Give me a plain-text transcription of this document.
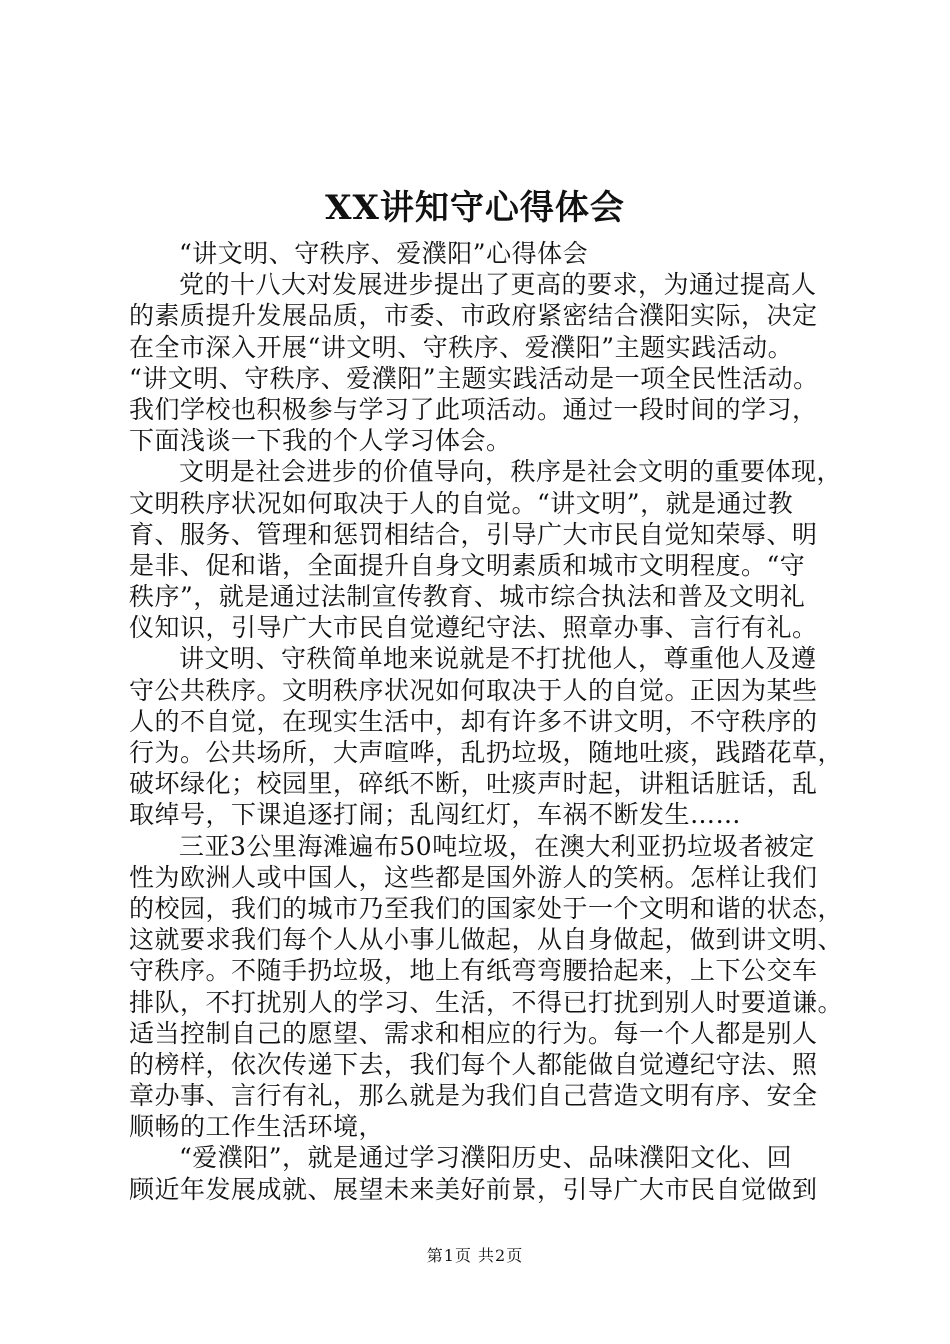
XX讲知守心得体会
“讲文明、守秩序、爱濮阳”心得体会
党的十八大对发展进步提出了更高的要求，为通过提高人
的素质提升发展品质，市委、市政府紧密结合濮阳实际，决定
在全市深入开展“讲文明、守秩序、爱濮阳”主题实践活动。
“讲文明、守秩序、爱濮阳”主题实践活动是一项全民性活动。
我们学校也积极参与学习了此项活动。通过一段时间的学习，
下面浅谈一下我的个人学习体会。
文明是社会进步的价值导向，秩序是社会文明的重要体现，
文明秩序状况如何取决于人的自觉。“讲文明”，就是通过教
育、服务、管理和惩罚相结合，引导广大市民自觉知荣辱、明
是非、促和谐，全面提升自身文明素质和城市文明程度。“守
秩序”，就是通过法制宣传教育、城市综合执法和普及文明礼
仪知识，引导广大市民自觉遵纪守法、照章办事、言行有礼。
讲文明、守秩简单地来说就是不打扰他人，尊重他人及遵
守公共秩序。文明秩序状况如何取决于人的自觉。正因为某些
人的不自觉，在现实生活中，却有许多不讲文明，不守秩序的
行为。公共场所，大声喧哗，乱扔垃圾，随地吐痰，践踏花草，
破坏绿化；校园里，碎纸不断，吐痰声时起，讲粗话脏话，乱
取绰号，下课追逐打闹；乱闯红灯，车祸不断发生……
三亚3公里海滩遍布50吨垃圾，在澳大利亚扔垃圾者被定
性为欧洲人或中国人，这些都是国外游人的笑柄。怎样让我们
的校园，我们的城市乃至我们的国家处于一个文明和谐的状态，
这就要求我们每个人从小事儿做起，从自身做起，做到讲文明、
守秩序。不随手扔垃圾，地上有纸弯弯腰拾起来，上下公交车
排队，不打扰别人的学习、生活，不得已打扰到别人时要道谦。
适当控制自己的愿望、需求和相应的行为。每一个人都是别人
的榜样，依次传递下去，我们每个人都能做自觉遵纪守法、照
章办事、言行有礼，那么就是为我们自己营造文明有序、安全
顺畅的工作生活环境，
“爱濮阳”，就是通过学习濮阳历史、品味濮阳文化、回
顾近年发展成就、展望未来美好前景，引导广大市民自觉做到
第1页 共2页
